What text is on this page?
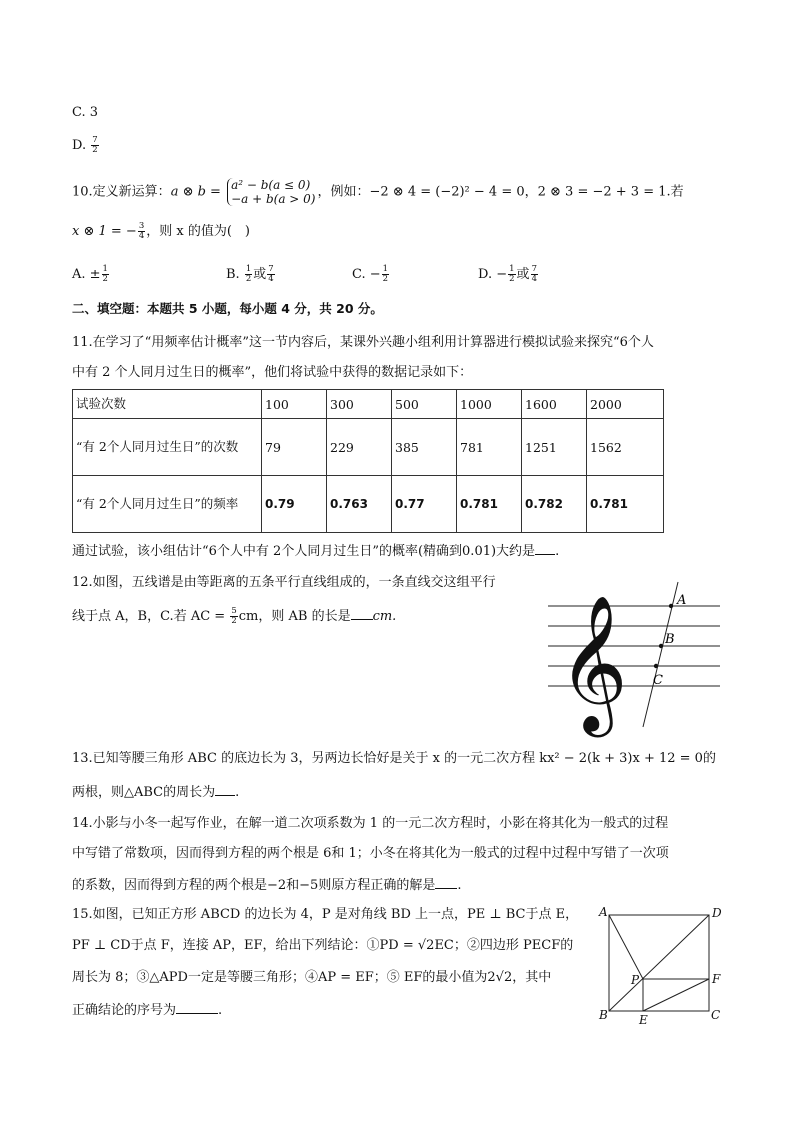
C. 3
D. $\frac{7}{2}$
10.定义新运算：a ⊗ b = a² − b(a ≤ 0)
−a + b(a > 0) ，例如：−2 ⊗ 4 = (−2)² − 4 = 0，2 ⊗ 3 = −2 + 3 = 1.若
x ⊗ 1 = − $\frac{3}{4}$ ，则 x 的值为(　)
A. ± $\frac{1}{2}$	B. $\frac{1}{2}$ 或 $\frac{7}{4}$	C. − $\frac{1}{2}$	D. − $\frac{1}{2}$ 或 $\frac{7}{4}$
二、填空题：本题共 5 小题，每小题 4 分，共 20 分。
11.在学习了“用频率估计概率”这一节内容后，某课外兴趣小组利用计算器进行模拟试验来探究“6个人
中有 2 个人同月过生日的概率”，他们将试验中获得的数据记录如下：
试验次数	100	300	500	1000	1600	2000
“有 2个人同月过生日”的次数	79	229	385	781	1251	1562
“有 2个人同月过生日”的频率	0.79	0.763	0.77	0.781	0.782	0.781
通过试验，该小组估计“6个人中有 2个人同月过生日”的概率(精确到0.01)大约是 .
12.如图，五线谱是由等距离的五条平行直线组成的，一条直线交这组平行
线于点 A，B，C.若 AC = $\frac{5}{2}$ cm，则 AB 的长是 cm. 𝄞	A
B
C
13.已知等腰三角形 ABC 的底边长为 3，另两边长恰好是关于 x 的一元二次方程 kx² − 2(k + 3)x + 12 = 0的
两根，则△ABC的周长为 .
14.小影与小冬一起写作业，在解一道二次项系数为 1 的一元二次方程时，小影在将其化为一般式的过程
中写错了常数项，因而得到方程的两个根是 6和 1；小冬在将其化为一般式的过程中过程中写错了一次项
的系数，因而得到方程的两个根是−2和−5则原方程正确的解是 .
15.如图，已知正方形 ABCD 的边长为 4，P 是对角线 BD 上一点，PE ⊥ BC于点 E，
PF ⊥ CD于点 F，连接 AP，EF，给出下列结论：①PD = √2EC；②四边形 PECF的
周长为 8；③△APD一定是等腰三角形；④AP = EF；⑤ EF的最小值为2√2，其中
正确结论的序号为	.
A	D
B	C
P	F
E
